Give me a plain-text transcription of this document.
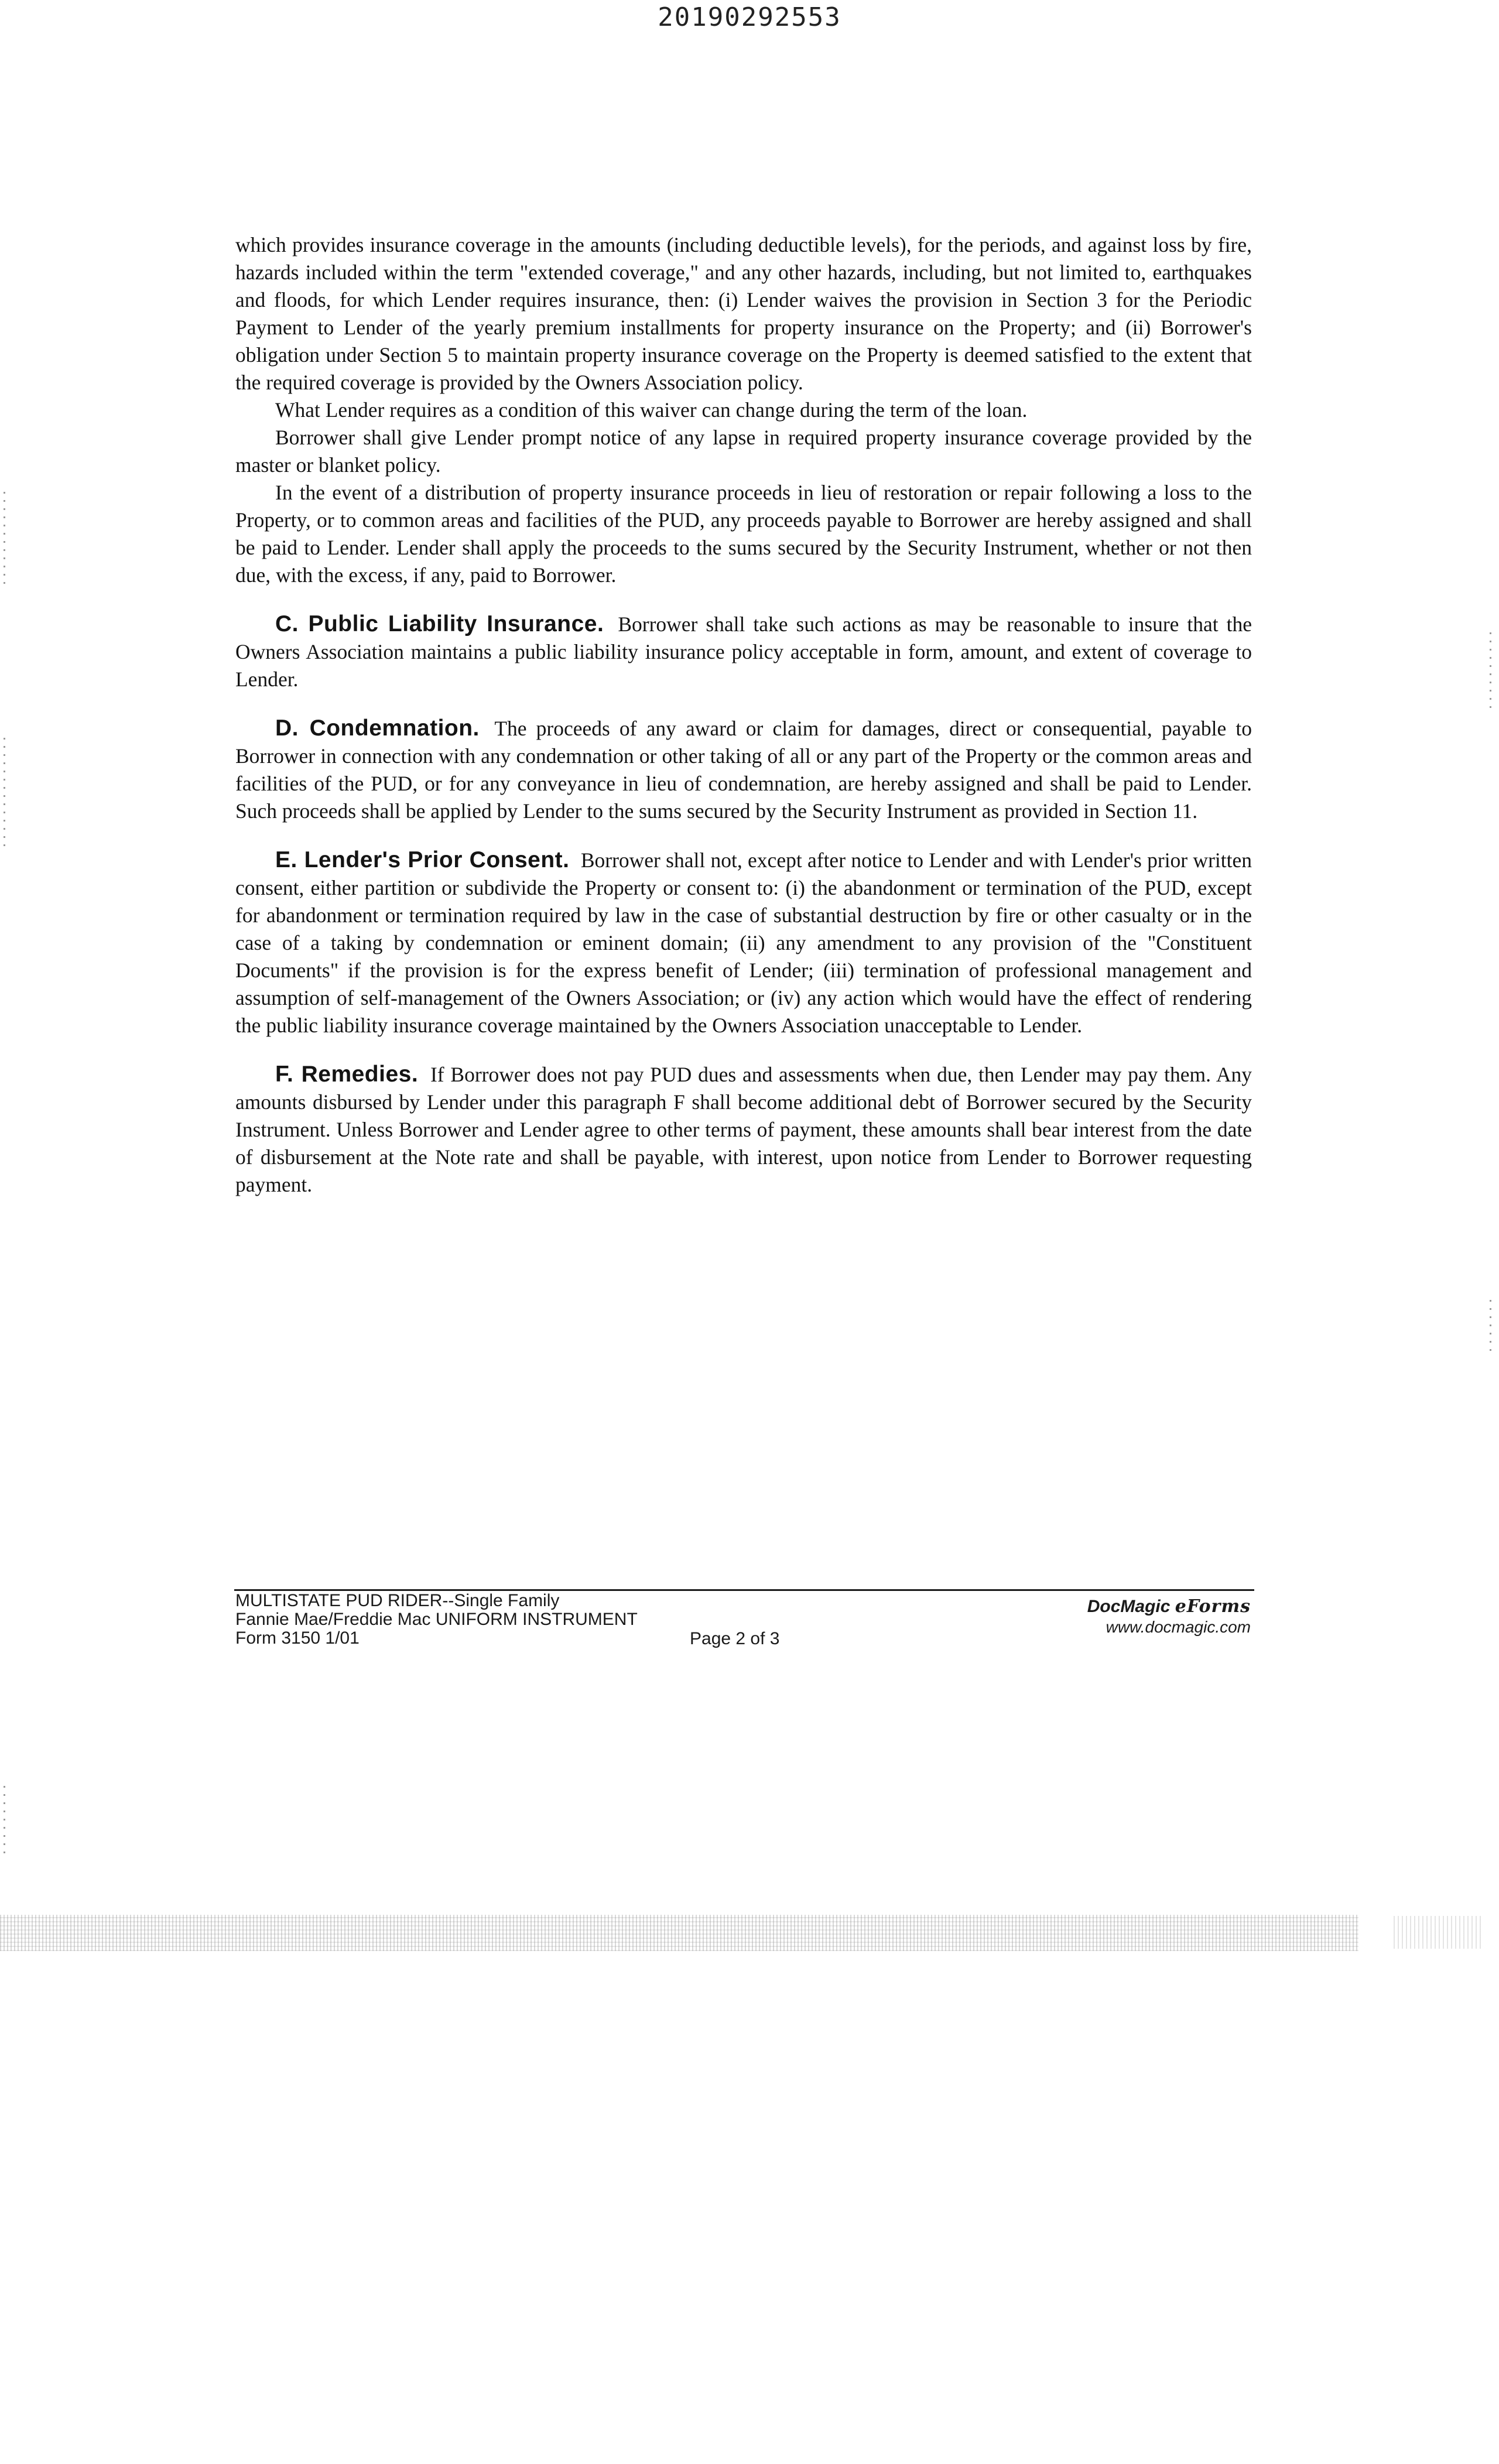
20190292553

which provides insurance coverage in the amounts (including deductible levels), for the periods, and against loss by fire, hazards included within the term "extended coverage," and any other hazards, including, but not limited to, earthquakes and floods, for which Lender requires insurance, then: (i) Lender waives the provision in Section 3 for the Periodic Payment to Lender of the yearly premium installments for property insurance on the Property; and (ii) Borrower's obligation under Section 5 to maintain property insurance coverage on the Property is deemed satisfied to the extent that the required coverage is provided by the Owners Association policy.

What Lender requires as a condition of this waiver can change during the term of the loan.

Borrower shall give Lender prompt notice of any lapse in required property insurance coverage provided by the master or blanket policy.

In the event of a distribution of property insurance proceeds in lieu of restoration or repair following a loss to the Property, or to common areas and facilities of the PUD, any proceeds payable to Borrower are hereby assigned and shall be paid to Lender. Lender shall apply the proceeds to the sums secured by the Security Instrument, whether or not then due, with the excess, if any, paid to Borrower.

C. Public Liability Insurance. Borrower shall take such actions as may be reasonable to insure that the Owners Association maintains a public liability insurance policy acceptable in form, amount, and extent of coverage to Lender.

D. Condemnation. The proceeds of any award or claim for damages, direct or consequential, payable to Borrower in connection with any condemnation or other taking of all or any part of the Property or the common areas and facilities of the PUD, or for any conveyance in lieu of condemnation, are hereby assigned and shall be paid to Lender. Such proceeds shall be applied by Lender to the sums secured by the Security Instrument as provided in Section 11.

E. Lender's Prior Consent. Borrower shall not, except after notice to Lender and with Lender's prior written consent, either partition or subdivide the Property or consent to: (i) the abandonment or termination of the PUD, except for abandonment or termination required by law in the case of substantial destruction by fire or other casualty or in the case of a taking by condemnation or eminent domain; (ii) any amendment to any provision of the "Constituent Documents" if the provision is for the express benefit of Lender; (iii) termination of professional management and assumption of self-management of the Owners Association; or (iv) any action which would have the effect of rendering the public liability insurance coverage maintained by the Owners Association unacceptable to Lender.

F. Remedies. If Borrower does not pay PUD dues and assessments when due, then Lender may pay them. Any amounts disbursed by Lender under this paragraph F shall become additional debt of Borrower secured by the Security Instrument. Unless Borrower and Lender agree to other terms of payment, these amounts shall bear interest from the date of disbursement at the Note rate and shall be payable, with interest, upon notice from Lender to Borrower requesting payment.

MULTISTATE PUD RIDER--Single Family
Fannie Mae/Freddie Mac UNIFORM INSTRUMENT
Form 3150 1/01	Page 2 of 3
DocMagic eForms
www.docmagic.com
